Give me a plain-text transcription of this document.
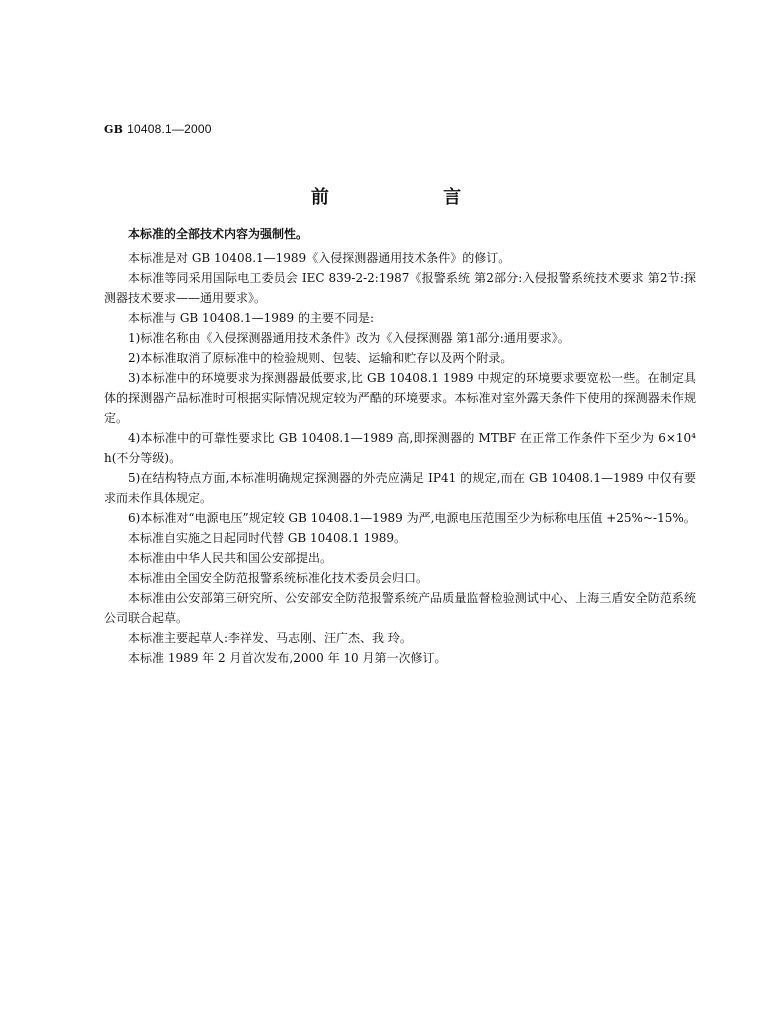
GB 10408.1—2000
前 言

本标准的全部技术内容为强制性。

本标准是对 GB 10408.1—1989《入侵探测器通用技术条件》的修订。

本标准等同采用国际电工委员会 IEC 839-2-2:1987《报警系统 第2部分:入侵报警系统技术要求 第2节:探测器技术要求——通用要求》。

本标准与 GB 10408.1—1989 的主要不同是:

1)标准名称由《入侵探测器通用技术条件》改为《入侵探测器 第1部分:通用要求》。

2)本标准取消了原标准中的检验规则、包装、运输和贮存以及两个附录。

3)本标准中的环境要求为探测器最低要求,比 GB 10408.1 1989 中规定的环境要求要宽松一些。在制定具体的探测器产品标准时可根据实际情况规定较为严酷的环境要求。本标准对室外露天条件下使用的探测器未作规定。

4)本标准中的可靠性要求比 GB 10408.1—1989 高,即探测器的 MTBF 在正常工作条件下至少为 6×10⁴ h(不分等级)。

5)在结构特点方面,本标准明确规定探测器的外壳应满足 IP41 的规定,而在 GB 10408.1—1989 中仅有要求而未作具体规定。

6)本标准对“电源电压”规定较 GB 10408.1—1989 为严,电源电压范围至少为标称电压值 +25%~-15%。

本标准自实施之日起同时代替 GB 10408.1 1989。

本标准由中华人民共和国公安部提出。

本标准由全国安全防范报警系统标准化技术委员会归口。

本标准由公安部第三研究所、公安部安全防范报警系统产品质量监督检验测试中心、上海三盾安全防范系统公司联合起草。

本标准主要起草人:李祥发、马志刚、汪广杰、我 玲。

本标准 1989 年 2 月首次发布,2000 年 10 月第一次修订。
